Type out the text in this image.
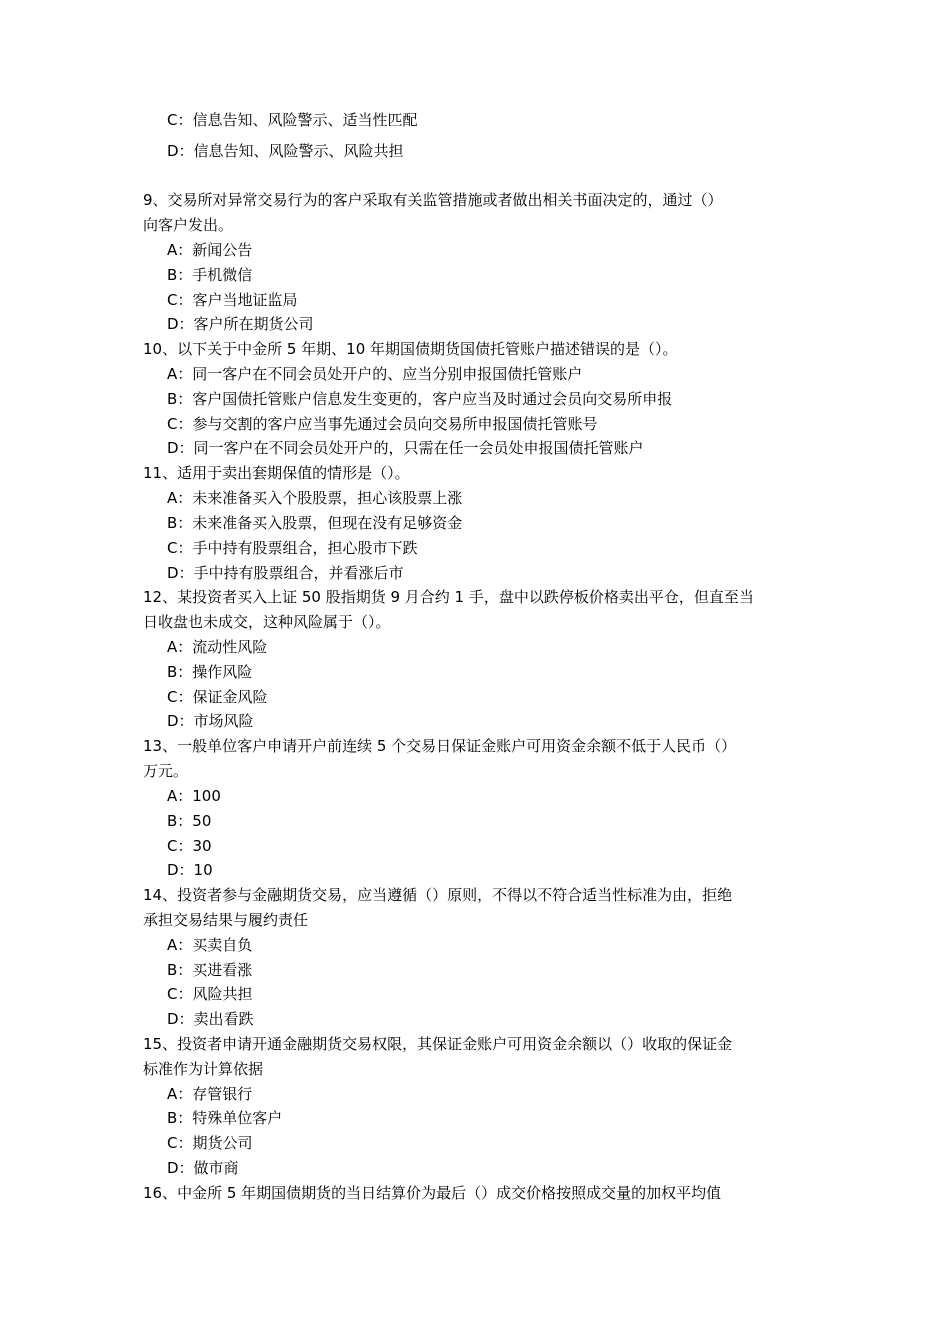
C：信息告知、风险警示、适当性匹配
D：信息告知、风险警示、风险共担
9、交易所对异常交易行为的客户采取有关监管措施或者做出相关书面决定的，通过（）
向客户发出。
A：新闻公告
B：手机微信
C：客户当地证监局
D：客户所在期货公司
10、以下关于中金所 5 年期、10 年期国债期货国债托管账户描述错误的是（）。
A：同一客户在不同会员处开户的、应当分别申报国债托管账户
B：客户国债托管账户信息发生变更的，客户应当及时通过会员向交易所申报
C：参与交割的客户应当事先通过会员向交易所申报国债托管账号
D：同一客户在不同会员处开户的，只需在任一会员处申报国债托管账户
11、适用于卖出套期保值的情形是（）。
A：未来准备买入个股股票，担心该股票上涨
B：未来准备买入股票，但现在没有足够资金
C：手中持有股票组合，担心股市下跌
D：手中持有股票组合，并看涨后市
12、某投资者买入上证 50 股指期货 9 月合约 1 手，盘中以跌停板价格卖出平仓，但直至当
日收盘也未成交，这种风险属于（）。
A：流动性风险
B：操作风险
C：保证金风险
D：市场风险
13、一般单位客户申请开户前连续 5 个交易日保证金账户可用资金余额不低于人民币（）
万元。
A：100
B：50
C：30
D：10
14、投资者参与金融期货交易，应当遵循（）原则，不得以不符合适当性标准为由，拒绝
承担交易结果与履约责任
A：买卖自负
B：买进看涨
C：风险共担
D：卖出看跌
15、投资者申请开通金融期货交易权限，其保证金账户可用资金余额以（）收取的保证金
标准作为计算依据
A：存管银行
B：特殊单位客户
C：期货公司
D：做市商
16、中金所 5 年期国债期货的当日结算价为最后（）成交价格按照成交量的加权平均值
